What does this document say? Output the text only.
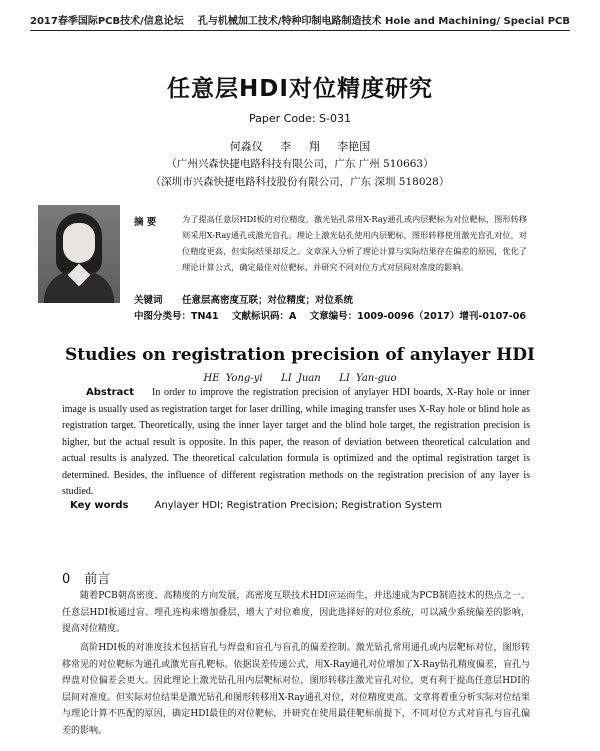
2017春季国际PCB技术/信息论坛 孔与机械加工技术/特种印制电路制造技术 Hole and Machining/ Special PCB
任意层HDI对位精度研究
Paper Code: S-031
何淼仪 李 翔 李艳国
（广州兴森快捷电路科技有限公司，广东 广州 510663）
（深圳市兴森快捷电路科技股份有限公司，广东 深圳 518028）
摘 要	为了提高任意层HDI板的对位精度，激光钻孔常用X-Ray通孔或内层靶标为对位靶标，图形转移则采用X-Ray通孔或激光盲孔。理论上激光钻孔使用内层靶标，图形转移使用激光盲孔对位，对位精度更高，但实际结果却反之。文章深入分析了理论计算与实际结果存在偏差的原因，优化了理论计算公式，确定最佳对位靶标，并研究不同对位方式对层间对准度的影响。
关键词 任意层高密度互联；对位精度；对位系统
中图分类号：TN41 文献标识码：A 文章编号：1009-0096（2017）增刊-0107-06
Studies on registration precision of anylayer HDI
HE Yong-yi LI Juan LI Yan-guo
Abstract In order to improve the registration precision of anylayer HDI boards, X-Ray hole or inner image is usually used as registration target for laser drilling, while imaging transfer uses X-Ray hole or blind hole as registration target. Theoretically, using the inner layer target and the blind hole target, the registration precision is higher, but the actual result is opposite. In this paper, the reason of deviation between theoretical calculation and actual results is analyzed. The theoretical calculation formula is optimized and the optimal registration target is determined. Besides, the influence of different registration methods on the registration precision of any layer is studied.
Key words	Anylayer HDI; Registration Precision; Registration System
0 前言

随着PCB朝高密度、高精度的方向发展，高密度互联技术HDI应运而生，并迅速成为PCB制造技术的热点之一。任意层HDI板通过盲、埋孔连构来增加叠层，增大了对位难度，因此选择好的对位系统，可以减少系统偏差的影响，提高对位精度。

高阶HDI板的对准度技术包括盲孔与焊盘和盲孔与盲孔的偏差控制。激光钻孔常用通孔或内层靶标对位，图形转移常见的对位靶标为通孔或激光盲孔靶标。依据误差传递公式，用X-Ray通孔对位增加了X-Ray钻孔精度偏差，盲孔与焊盘对位偏差会更大。因此理论上激光钻孔用内层靶标对位，图形转移注激光盲孔对位，更有利于提高任意层HDI的层间对准度。但实际对位结果是激光钻孔和图形转移用X-Ray通孔对位，对位精度更高。文章将着重分析实际对位结果与理论计算不匹配的原因，确定HDI最佳的对位靶标，并研究在使用最佳靶标前提下，不同对位方式对盲孔与盲孔偏差的影响。
